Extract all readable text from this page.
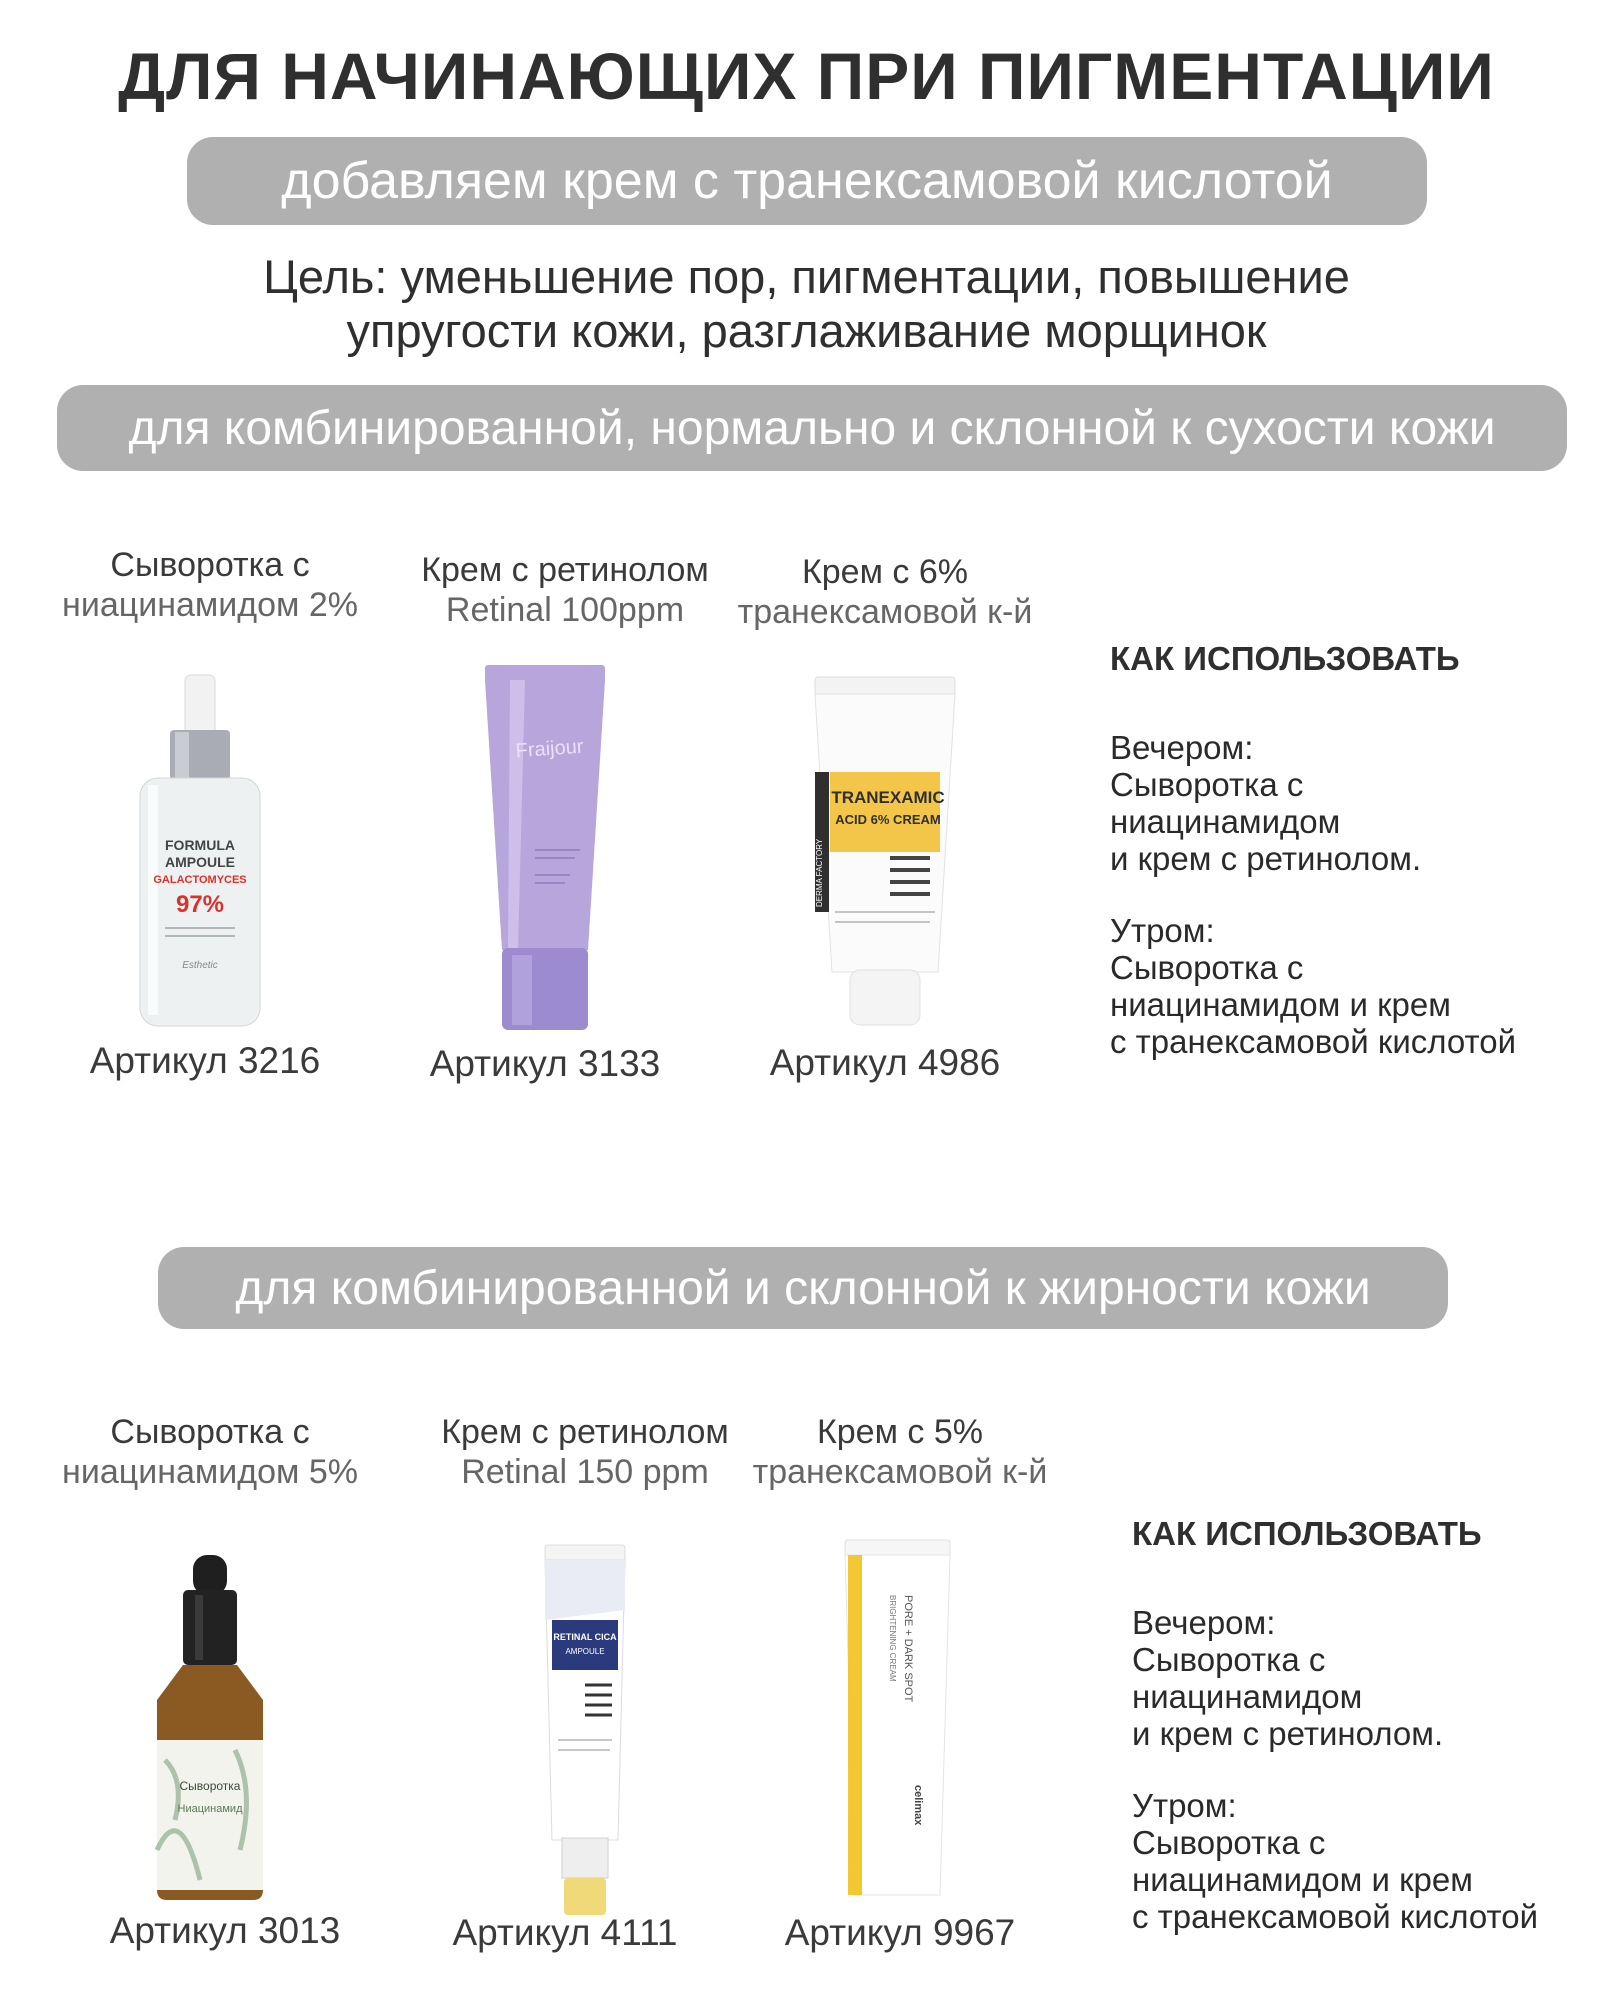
ДЛЯ НАЧИНАЮЩИХ ПРИ ПИГМЕНТАЦИИ
добавляем крем с транексамовой кислотой
Цель: уменьшение пор, пигментации, повышение упругости кожи, разглаживание морщинок
для комбинированной, нормально и склонной к сухости кожи
Сыворотка с

ниацинамидом 2%
Крем с ретинолом

Retinal 100ppm
Крем с 6%

транексамовой к-й
FORMULA
AMPOULE
GALACTOMYCES
97%
Esthetic
Fraijour
TRANEXAMIC
ACID 6% CREAM
DERMA FACTORY
Артикул 3216	Артикул 3133	Артикул 4986
КАК ИСПОЛЬЗОВАТЬ
Вечером:
Сыворотка с
ниацинамидом
и крем с ретинолом.
Утром:
Сыворотка с
ниацинамидом и крем
с транексамовой кислотой
для комбинированной и склонной к жирности кожи
Сыворотка с

ниацинамидом 5%
Крем с ретинолом

Retinal 150 ppm
Крем с 5%

транексамовой к-й
Сыворотка
Ниацинамид
RETINAL CICA
AMPOULE	PORE + DARK SPOT
BRIGHTENING CREAM
celimax
Артикул 3013	Артикул 4111	Артикул 9967
КАК ИСПОЛЬЗОВАТЬ
Вечером:
Сыворотка с
ниацинамидом
и крем с ретинолом.
Утром:
Сыворотка с
ниацинамидом и крем
с транексамовой кислотой
